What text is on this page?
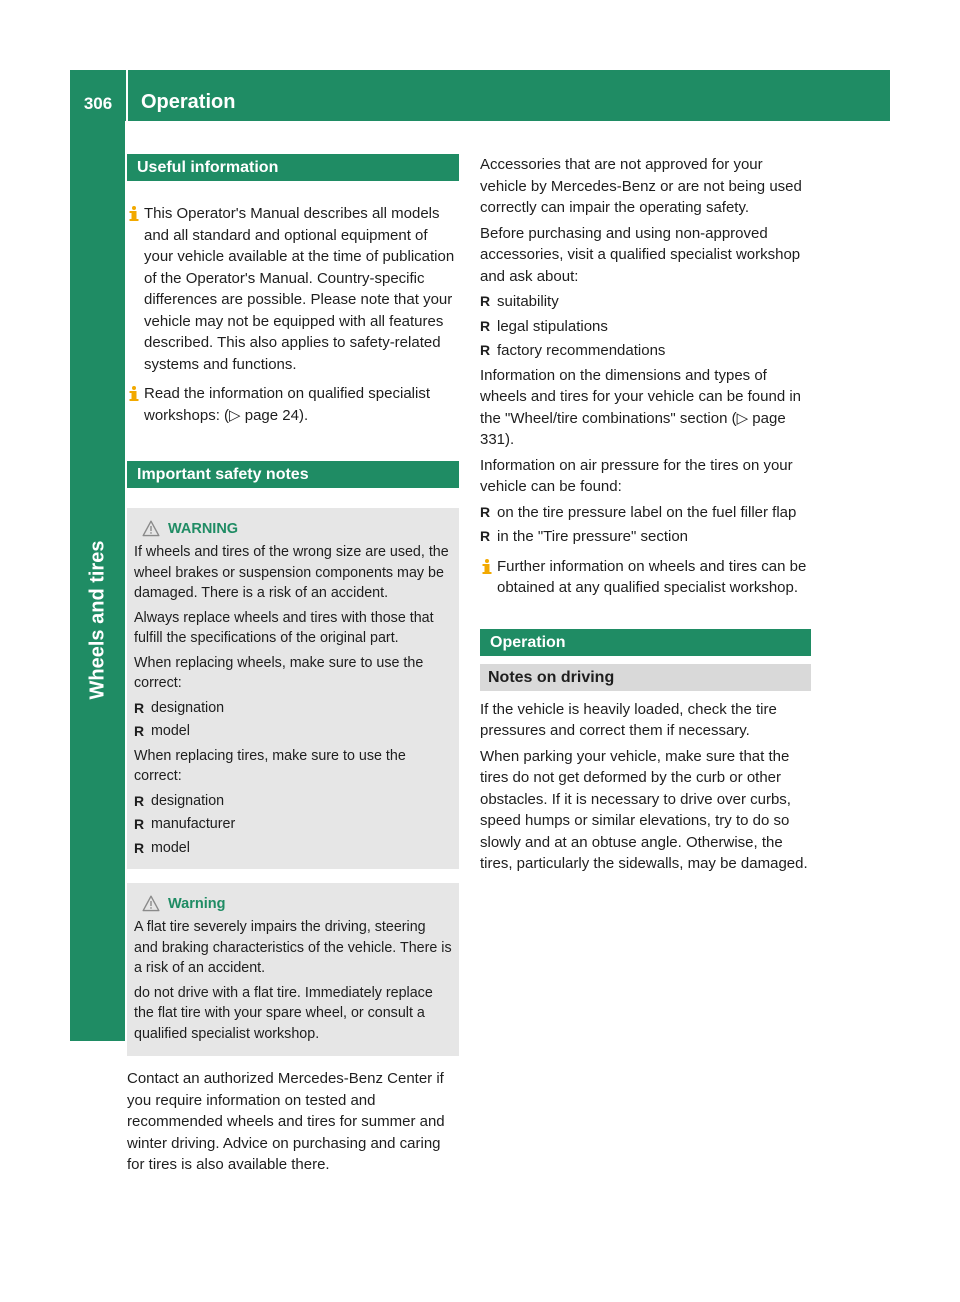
306	Operation
Wheels and tires
Useful information
This Operator's Manual describes all models and all standard and optional equipment of your vehicle available at the time of publication of the Operator's Manual. Country-specific differences are possible. Please note that your vehicle may not be equipped with all features described. This also applies to safety-related systems and functions.
Read the information on qualified specialist workshops: (▷ page 24).
Important safety notes
WARNING

If wheels and tires of the wrong size are used, the wheel brakes or suspension components may be damaged. There is a risk of an accident.

Always replace wheels and tires with those that fulfill the specifications of the original part.

When replacing wheels, make sure to use the correct:

R designation
R model

When replacing tires, make sure to use the correct:

R designation
R manufacturer
R model
Warning

A flat tire severely impairs the driving, steering and braking characteristics of the vehicle. There is a risk of an accident.

do not drive with a flat tire. Immediately replace the flat tire with your spare wheel, or consult a qualified specialist workshop.

Contact an authorized Mercedes-Benz Center if you require information on tested and recommended wheels and tires for summer and winter driving. Advice on purchasing and caring for tires is also available there.

Accessories that are not approved for your vehicle by Mercedes-Benz or are not being used correctly can impair the operating safety.

Before purchasing and using non-approved accessories, visit a qualified specialist workshop and ask about:

R suitability
R legal stipulations
R factory recommendations

Information on the dimensions and types of wheels and tires for your vehicle can be found in the "Wheel/tire combinations" section (▷ page 331).

Information on air pressure for the tires on your vehicle can be found:

R on the tire pressure label on the fuel filler flap
R in the "Tire pressure" section
Further information on wheels and tires can be obtained at any qualified specialist workshop.
Operation
Notes on driving

If the vehicle is heavily loaded, check the tire pressures and correct them if necessary.

When parking your vehicle, make sure that the tires do not get deformed by the curb or other obstacles. If it is necessary to drive over curbs, speed humps or similar elevations, try to do so slowly and at an obtuse angle. Otherwise, the tires, particularly the sidewalls, may be damaged.
